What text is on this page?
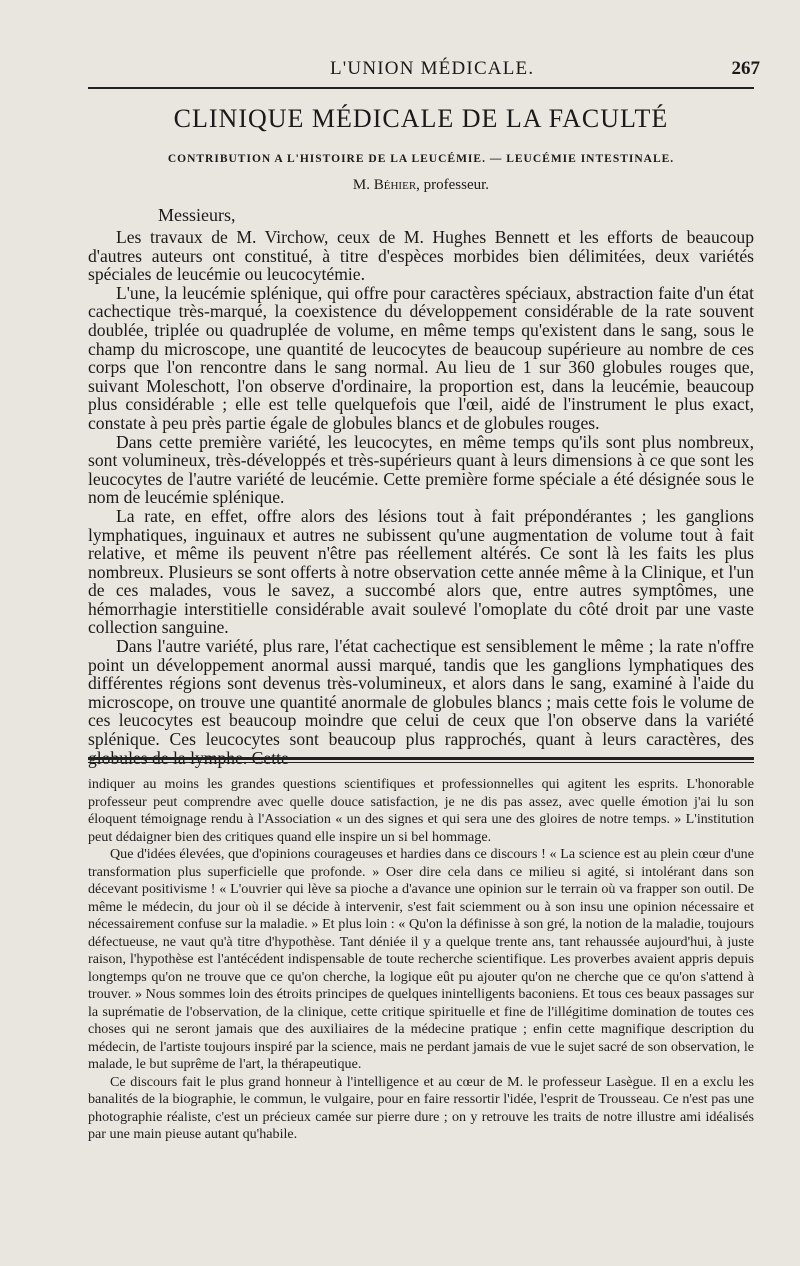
L'UNION MÉDICALE.	267
CLINIQUE MÉDICALE DE LA FACULTÉ
CONTRIBUTION A L'HISTOIRE DE LA LEUCÉMIE. — LEUCÉMIE INTESTINALE.
M. Béhier, professeur.
Messieurs,

Les travaux de M. Virchow, ceux de M. Hughes Bennett et les efforts de beaucoup d'autres auteurs ont constitué, à titre d'espèces morbides bien délimitées, deux variétés spéciales de leucémie ou leucocytémie.

L'une, la leucémie splénique, qui offre pour caractères spéciaux, abstraction faite d'un état cachectique très-marqué, la coexistence du développement considérable de la rate souvent doublée, triplée ou quadruplée de volume, en même temps qu'existent dans le sang, sous le champ du microscope, une quantité de leucocytes de beaucoup supérieure au nombre de ces corps que l'on rencontre dans le sang normal. Au lieu de 1 sur 360 globules rouges que, suivant Moleschott, l'on observe d'ordinaire, la proportion est, dans la leucémie, beaucoup plus considérable ; elle est telle quelquefois que l'œil, aidé de l'instrument le plus exact, constate à peu près partie égale de globules blancs et de globules rouges.

Dans cette première variété, les leucocytes, en même temps qu'ils sont plus nombreux, sont volumineux, très-développés et très-supérieurs quant à leurs dimensions à ce que sont les leucocytes de l'autre variété de leucémie. Cette première forme spéciale a été désignée sous le nom de leucémie splénique.

La rate, en effet, offre alors des lésions tout à fait prépondérantes ; les ganglions lymphatiques, inguinaux et autres ne subissent qu'une augmentation de volume tout à fait relative, et même ils peuvent n'être pas réellement altérés. Ce sont là les faits les plus nombreux. Plusieurs se sont offerts à notre observation cette année même à la Clinique, et l'un de ces malades, vous le savez, a succombé alors que, entre autres symptômes, une hémorrhagie interstitielle considérable avait soulevé l'omoplate du côté droit par une vaste collection sanguine.

Dans l'autre variété, plus rare, l'état cachectique est sensiblement le même ; la rate n'offre point un développement anormal aussi marqué, tandis que les ganglions lymphatiques des différentes régions sont devenus très-volumineux, et alors dans le sang, examiné à l'aide du microscope, on trouve une quantité anormale de globules blancs ; mais cette fois le volume de ces leucocytes est beaucoup moindre que celui de ceux que l'on observe dans la variété splénique. Ces leucocytes sont beaucoup plus rapprochés, quant à leurs caractères, des globules de la lymphe. Cette

indiquer au moins les grandes questions scientifiques et professionnelles qui agitent les esprits. L'honorable professeur peut comprendre avec quelle douce satisfaction, je ne dis pas assez, avec quelle émotion j'ai lu son éloquent témoignage rendu à l'Association « un des signes et qui sera une des gloires de notre temps. » L'institution peut dédaigner bien des critiques quand elle inspire un si bel hommage.

Que d'idées élevées, que d'opinions courageuses et hardies dans ce discours ! « La science est au plein cœur d'une transformation plus superficielle que profonde. » Oser dire cela dans ce milieu si agité, si intolérant dans son décevant positivisme ! « L'ouvrier qui lève sa pioche a d'avance une opinion sur le terrain où va frapper son outil. De même le médecin, du jour où il se décide à intervenir, s'est fait sciemment ou à son insu une opinion nécessaire et nécessairement confuse sur la maladie. » Et plus loin : « Qu'on la définisse à son gré, la notion de la maladie, toujours défectueuse, ne vaut qu'à titre d'hypothèse. Tant déniée il y a quelque trente ans, tant rehaussée aujourd'hui, à juste raison, l'hypothèse est l'antécédent indispensable de toute recherche scientifique. Les proverbes avaient appris depuis longtemps qu'on ne trouve que ce qu'on cherche, la logique eût pu ajouter qu'on ne cherche que ce qu'on s'attend à trouver. » Nous sommes loin des étroits principes de quelques inintelligents baconiens. Et tous ces beaux passages sur la suprématie de l'observation, de la clinique, cette critique spirituelle et fine de l'illégitime domination de toutes ces choses qui ne seront jamais que des auxiliaires de la médecine pratique ; enfin cette magnifique description du médecin, de l'artiste toujours inspiré par la science, mais ne perdant jamais de vue le sujet sacré de son observation, le malade, le but suprême de l'art, la thérapeutique.

Ce discours fait le plus grand honneur à l'intelligence et au cœur de M. le professeur Lasègue. Il en a exclu les banalités de la biographie, le commun, le vulgaire, pour en faire ressortir l'idée, l'esprit de Trousseau. Ce n'est pas une photographie réaliste, c'est un précieux camée sur pierre dure ; on y retrouve les traits de notre illustre ami idéalisés par une main pieuse autant qu'habile.
